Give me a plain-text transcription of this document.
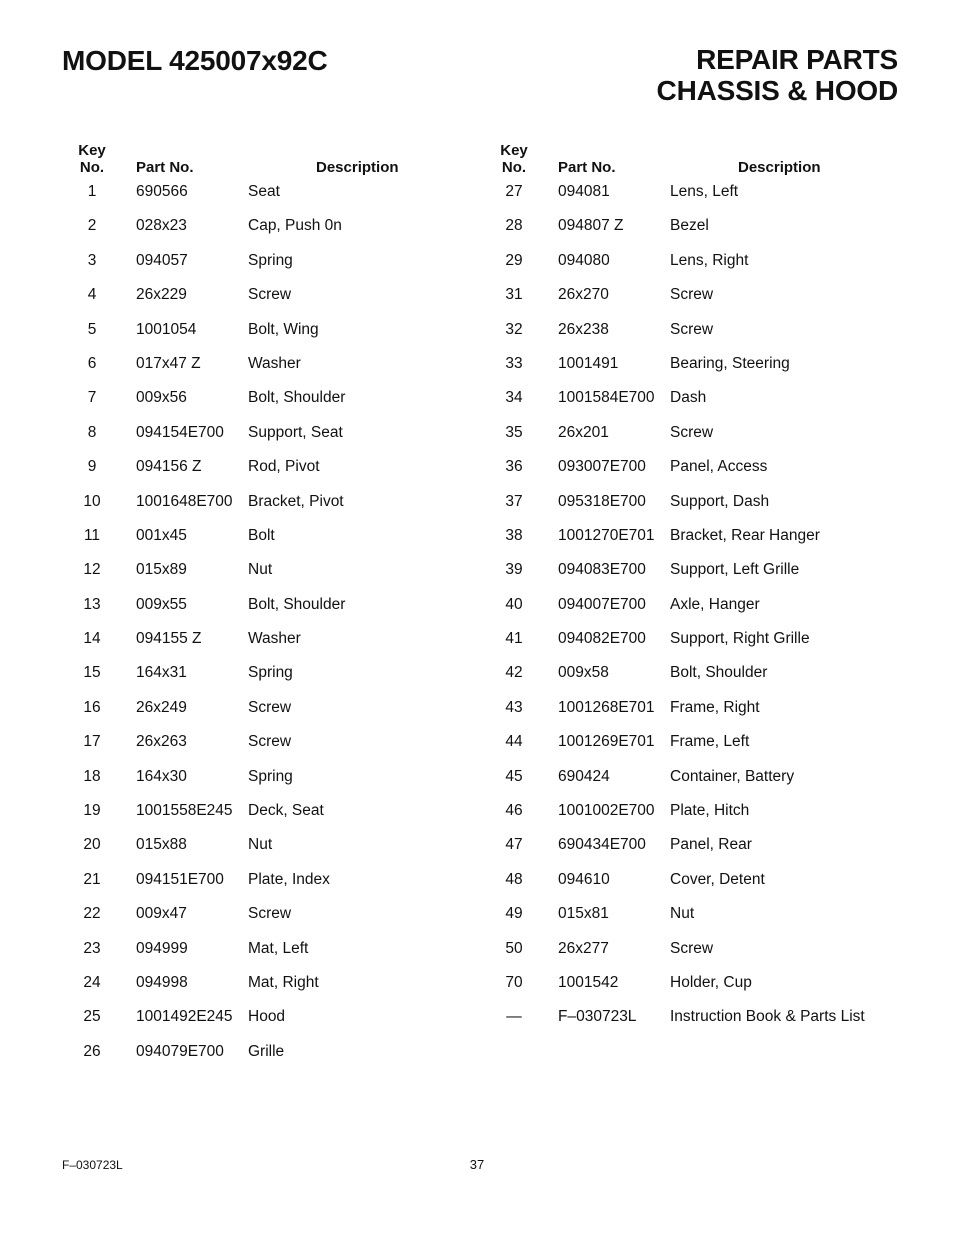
MODEL 425007x92C	REPAIR PARTS
CHASSIS & HOOD
Key
No.	Part No.	Description
1	690566	Seat
2	028x23	Cap, Push 0n
3	094057	Spring
4	26x229	Screw
5	1001054	Bolt, Wing
6	017x47 Z	Washer
7	009x56	Bolt, Shoulder
8	094154E700 Support, Seat
9	094156 Z	Rod, Pivot
10	1001648E700 Bracket, Pivot
11	001x45	Bolt
12	015x89	Nut
13	009x55	Bolt, Shoulder
14	094155 Z	Washer
15	164x31	Spring
16	26x249	Screw
17	26x263	Screw
18	164x30	Spring
19	1001558E245 Deck, Seat
20	015x88	Nut
21	094151E700 Plate, Index
22	009x47	Screw
23	094999	Mat, Left
24	094998	Mat, Right
25	1001492E245 Hood
26	094079E700 Grille
Key
No.	Part No.	Description
27	094081	Lens, Left
28	094807 Z	Bezel
29	094080	Lens, Right
31	26x270	Screw
32	26x238	Screw
33	1001491	Bearing, Steering
34	1001584E700 Dash
35	26x201	Screw
36	093007E700 Panel, Access
37	095318E700 Support, Dash
38	1001270E701 Bracket, Rear Hanger
39	094083E700 Support, Left Grille
40	094007E700 Axle, Hanger
41	094082E700 Support, Right Grille
42	009x58	Bolt, Shoulder
43	1001268E701 Frame, Right
44	1001269E701 Frame, Left
45	690424	Container, Battery
46	1001002E700 Plate, Hitch
47	690434E700 Panel, Rear
48	094610	Cover, Detent
49	015x81	Nut
50	26x277	Screw
70	1001542	Holder, Cup
—	F–030723L Instruction Book & Parts List
F–030723L	37
